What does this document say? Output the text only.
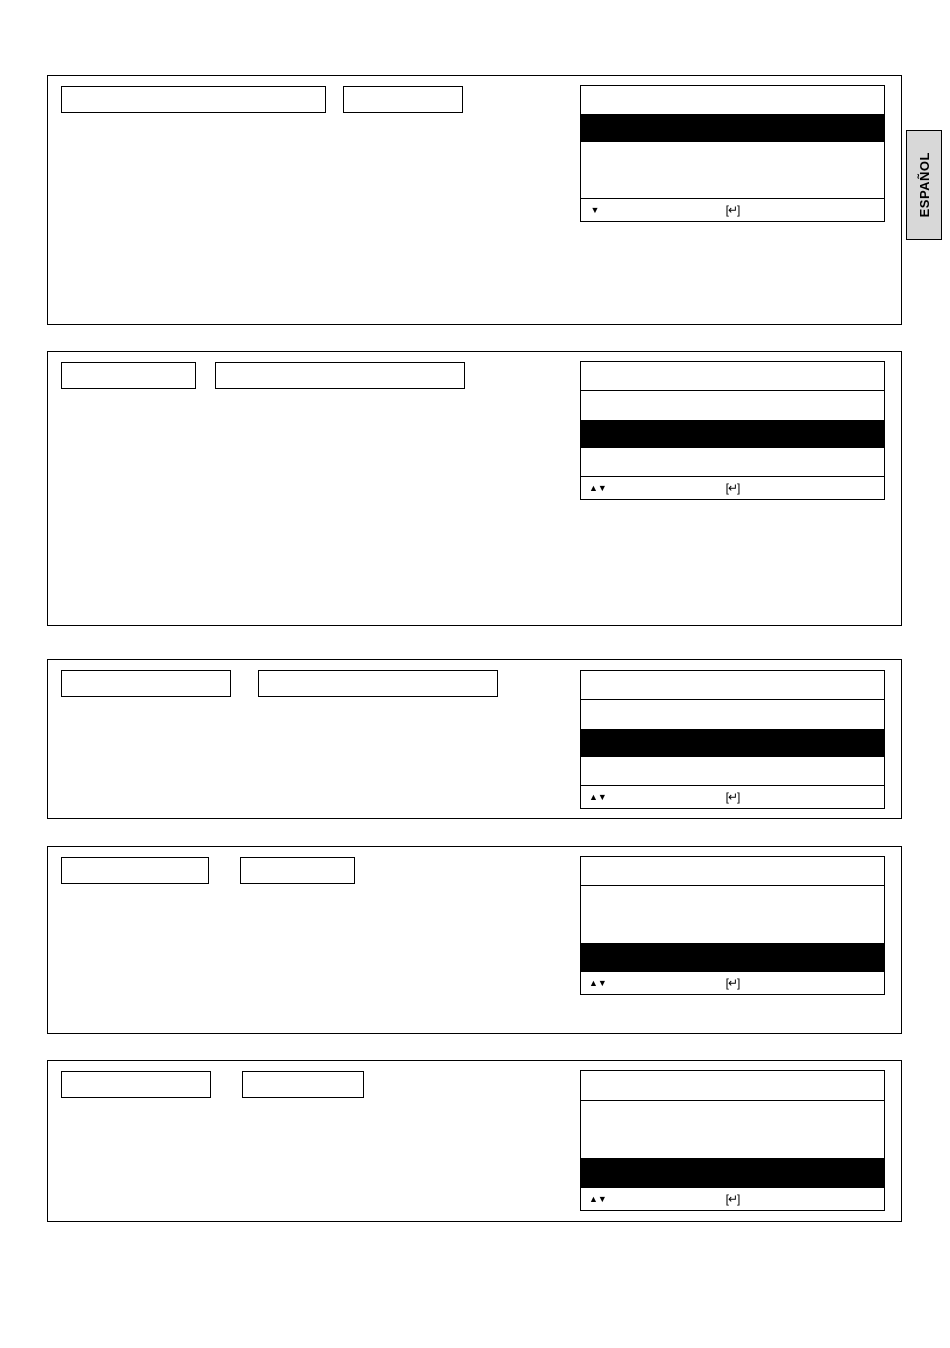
ESPAÑOL
▼	[↵]
▲▼	[↵]
▲▼	[↵]
▲▼	[↵]
▲▼	[↵]
